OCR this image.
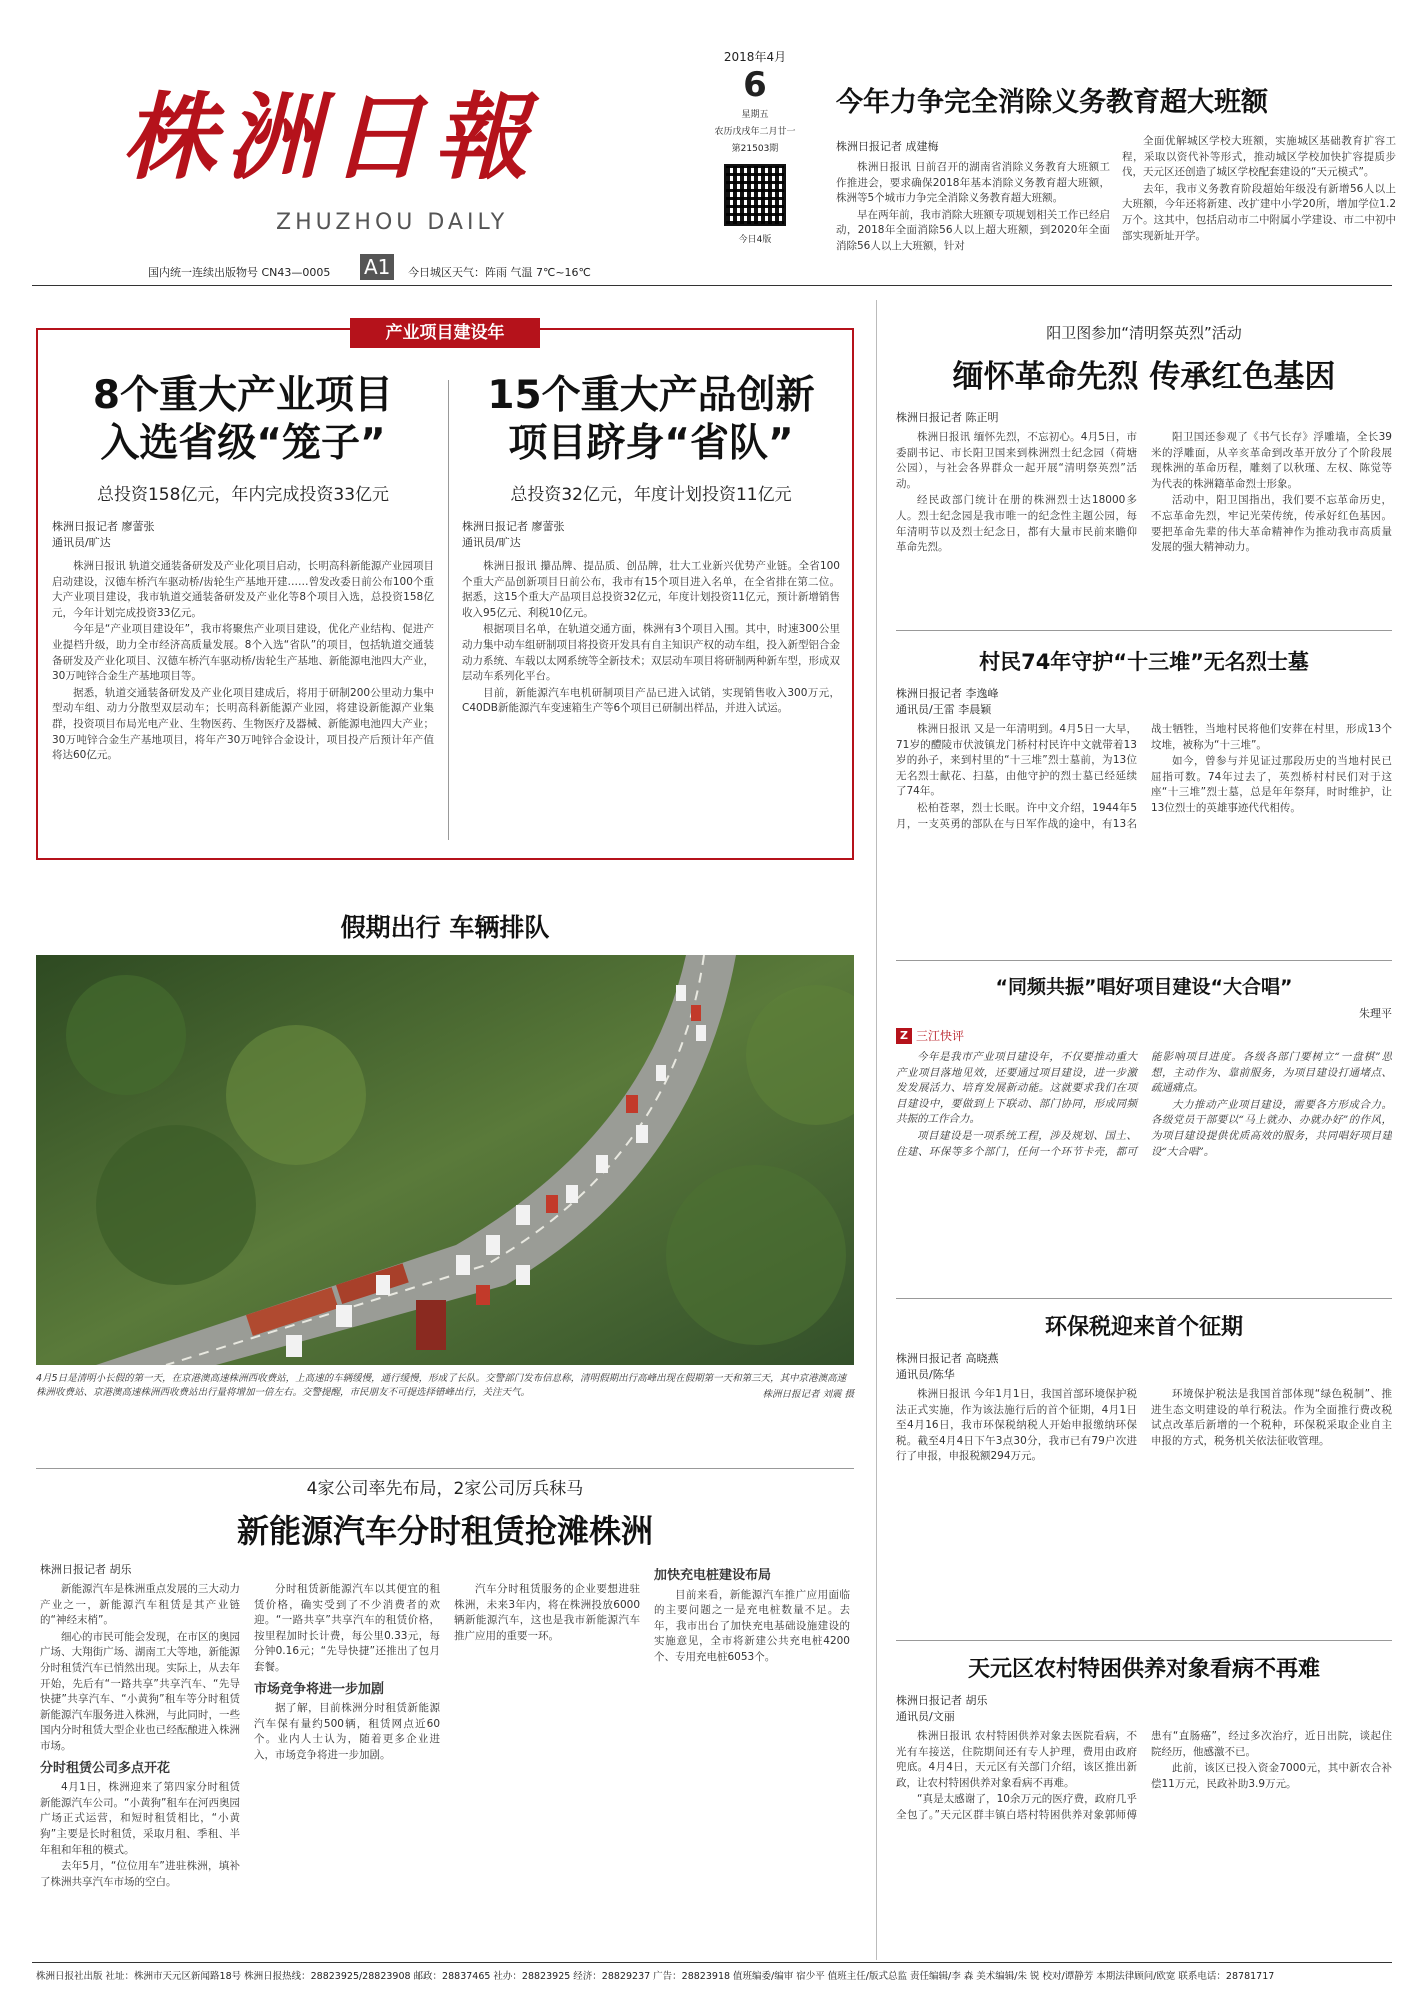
株洲日報
ZHUZHOU DAILY
国内统一连续出版物号 CN43—0005 A1	今日城区天气：阵雨 气温 7℃~16℃
2018年4月
6
星期五
农历戊戌年二月廿一
第21503期
今日4版
今年力争完全消除义务教育超大班额
株洲日报记者 成建梅

株洲日报讯 日前召开的湖南省消除义务教育大班额工作推进会，要求确保2018年基本消除义务教育超大班额，株洲等5个城市力争完全消除义务教育超大班额。

早在两年前，我市消除大班额专项规划相关工作已经启动，2018年全面消除56人以上超大班额，到2020年全面消除56人以上大班额，针对

全面优解城区学校大班额，实施城区基础教育扩容工程，采取以资代补等形式，推动城区学校加快扩容提质步伐，天元区还创造了城区学校配套建设的“天元模式”。

去年，我市义务教育阶段超始年级没有新增56人以上大班额，今年还将新建、改扩建中小学20所，增加学位1.2万个。这其中，包括启动市二中附属小学建设、市二中初中部实现新址开学。

产业项目建设年
8个重大产业项目
入选省级“笼子”
总投资158亿元，年内完成投资33亿元
株洲日报记者 廖蕾张
通讯员/旷达

株洲日报讯 轨道交通装备研发及产业化项目启动，长明高科新能源产业园项目启动建设，汉德车桥汽车驱动桥/齿轮生产基地开建……曾发改委日前公布100个重大产业项目建设，我市轨道交通装备研发及产业化等8个项目入选，总投资158亿元，今年计划完成投资33亿元。

今年是“产业项目建设年”，我市将聚焦产业项目建设，优化产业结构、促进产业提档升级，助力全市经济高质量发展。8个入选“省队”的项目，包括轨道交通装备研发及产业化项目、汉德车桥汽车驱动桥/齿轮生产基地、新能源电池四大产业，30万吨锌合金生产基地项目等。

据悉，轨道交通装备研发及产业化项目建成后，将用于研制200公里动力集中型动车组、动力分散型双层动车；长明高科新能源产业园，将建设新能源产业集群，投资项目布局光电产业、生物医药、生物医疗及器械、新能源电池四大产业；30万吨锌合金生产基地项目，将年产30万吨锌合金设计，项目投产后预计年产值将达60亿元。

15个重大产品创新
项目跻身“省队”
总投资32亿元，年度计划投资11亿元
株洲日报记者 廖蕾张
通讯员/旷达

株洲日报讯 攥品牌、提品质、创品牌，壮大工业新兴优势产业链。全省100个重大产品创新项目日前公布，我市有15个项目进入名单，在全省排在第二位。据悉，这15个重大产品项目总投资32亿元，年度计划投资11亿元，预计新增销售收入95亿元、利税10亿元。

根据项目名单，在轨道交通方面，株洲有3个项目入围。其中，时速300公里动力集中动车组研制项目将投资开发具有自主知识产权的动车组，投入新型铝合金动力系统、车载以太网系统等全新技术；双层动车项目将研制两种新车型，形成双层动车系列化平台。

目前，新能源汽车电机研制项目产品已进入试销，实现销售收入300万元，C40DB新能源汽车变速箱生产等6个项目已研制出样品，并进入试运。

假期出行 车辆排队
4月5日是清明小长假的第一天，在京港澳高速株洲西收费站，上高速的车辆缓慢，通行缓慢，形成了长队。交警部门发布信息称，清明假期出行高峰出现在假期第一天和第三天，其中京港澳高速株洲收费站、京港澳高速株洲西收费站出行量将增加一倍左右。交警提醒，市民朋友不可提选择错峰出行，关注天气。	株洲日报记者 刘震 摄
4家公司率先布局，2家公司厉兵秣马
新能源汽车分时租赁抢滩株洲
株洲日报记者 胡乐

新能源汽车是株洲重点发展的三大动力产业之一，新能源汽车租赁是其产业链的“神经末梢”。

细心的市民可能会发现，在市区的奥园广场、大翔街广场、湖南工大等地，新能源分时租赁汽车已悄然出现。实际上，从去年开始，先后有“一路共享”共享汽车、“先导快捷”共享汽车、“小黄狗”租车等分时租赁新能源汽车服务进入株洲，与此同时，一些国内分时租赁大型企业也已经酝酿进入株洲市场。

分时租赁公司多点开花

4月1日，株洲迎来了第四家分时租赁新能源汽车公司。“小黄狗”租车在河西奥园广场正式运营，和短时租赁相比，“小黄狗”主要是长时租赁，采取月租、季租、半年租和年租的模式。

去年5月，“位位用车”进驻株洲，填补了株洲共享汽车市场的空白。

分时租赁新能源汽车以其便宜的租赁价格，确实受到了不少消费者的欢迎。“一路共享”共享汽车的租赁价格，按里程加时长计费，每公里0.33元，每分钟0.16元；“先导快捷”还推出了包月套餐。

市场竞争将进一步加剧

据了解，目前株洲分时租赁新能源汽车保有量约500辆，租赁网点近60个。业内人士认为，随着更多企业进入，市场竞争将进一步加剧。

汽车分时租赁服务的企业要想进驻株洲，未来3年内，将在株洲投放6000辆新能源汽车，这也是我市新能源汽车推广应用的重要一环。

加快充电桩建设布局

目前来看，新能源汽车推广应用面临的主要问题之一是充电桩数量不足。去年，我市出台了加快充电基础设施建设的实施意见，全市将新建公共充电桩4200个、专用充电桩6053个。

阳卫图参加“清明祭英烈”活动
缅怀革命先烈 传承红色基因
株洲日报记者 陈正明

株洲日报讯 缅怀先烈，不忘初心。4月5日，市委副书记、市长阳卫国来到株洲烈士纪念园（荷塘公园），与社会各界群众一起开展“清明祭英烈”活动。

经民政部门统计在册的株洲烈士达18000多人。烈士纪念园是我市唯一的纪念性主题公园，每年清明节以及烈士纪念日，都有大量市民前来瞻仰革命先烈。

阳卫国还参观了《书气长存》浮雕墙，全长39米的浮雕面，从辛亥革命到改革开放分了个阶段展现株洲的革命历程，雕刻了以秋瑾、左权、陈觉等为代表的株洲籍革命烈士形象。

活动中，阳卫国指出，我们要不忘革命历史，不忘革命先烈，牢记光荣传统，传承好红色基因。要把革命先辈的伟大革命精神作为推动我市高质量发展的强大精神动力。

村民74年守护“十三堆”无名烈士墓
株洲日报记者 李逸峰
通讯员/王雷 李晨颖

株洲日报讯 又是一年清明到。4月5日一大早，71岁的醴陵市伏波镇龙门桥村村民许中文就带着13岁的孙子，来到村里的“十三堆”烈士墓前，为13位无名烈士献花、扫墓，由他守护的烈士墓已经延续了74年。

松柏苍翠，烈士长眠。许中文介绍，1944年5月，一支英勇的部队在与日军作战的途中，有13名战士牺牲，当地村民将他们安葬在村里，形成13个坟堆，被称为“十三堆”。

如今，曾参与并见证过那段历史的当地村民已屈指可数。74年过去了，英烈桥村村民们对于这座“十三堆”烈士墓，总是年年祭拜，时时维护，让13位烈士的英雄事迹代代相传。

“同频共振”唱好项目建设“大合唱”
朱理平
Z 三江快评

今年是我市产业项目建设年，不仅要推动重大产业项目落地见效，还要通过项目建设，进一步激发发展活力、培育发展新动能。这就要求我们在项目建设中，要做到上下联动、部门协同，形成同频共振的工作合力。

项目建设是一项系统工程，涉及规划、国土、住建、环保等多个部门，任何一个环节卡壳，都可能影响项目进度。各级各部门要树立“一盘棋”思想，主动作为、靠前服务，为项目建设打通堵点、疏通痛点。

大力推动产业项目建设，需要各方形成合力。各级党员干部要以“马上就办、办就办好”的作风，为项目建设提供优质高效的服务，共同唱好项目建设“大合唱”。

环保税迎来首个征期
株洲日报记者 高晓燕
通讯员/陈华

株洲日报讯 今年1月1日，我国首部环境保护税法正式实施，作为该法施行后的首个征期，4月1日至4月16日，我市环保税纳税人开始申报缴纳环保税。截至4月4日下午3点30分，我市已有79户次进行了申报，申报税额294万元。

环境保护税法是我国首部体现“绿色税制”、推进生态文明建设的单行税法。作为全面推行费改税试点改革后新增的一个税种，环保税采取企业自主申报的方式，税务机关依法征收管理。

天元区农村特困供养对象看病不再难
株洲日报记者 胡乐
通讯员/文丽

株洲日报讯 农村特困供养对象去医院看病，不光有车接送，住院期间还有专人护理，费用由政府兜底。4月4日，天元区有关部门介绍，该区推出新政，让农村特困供养对象看病不再难。

“真是太感谢了，10余万元的医疗费，政府几乎全包了。”天元区群丰镇白塔村特困供养对象郭师傅患有“直肠癌”，经过多次治疗，近日出院，谈起住院经历，他感激不已。

此前，该区已投入资金7000元，其中新农合补偿11万元，民政补助3.9万元。

株洲日报社出版 社址：株洲市天元区新闻路18号 株洲日报热线：28823925/28823908 邮政：28837465 社办：28823925 经济：28829237 广告：28823918 值班编委/编审 宿少平 值班主任/版式总监 责任编辑/李 森 美术编辑/朱 锐 校对/谭静芳 本期法律顾问/欧宽 联系电话：28781717
